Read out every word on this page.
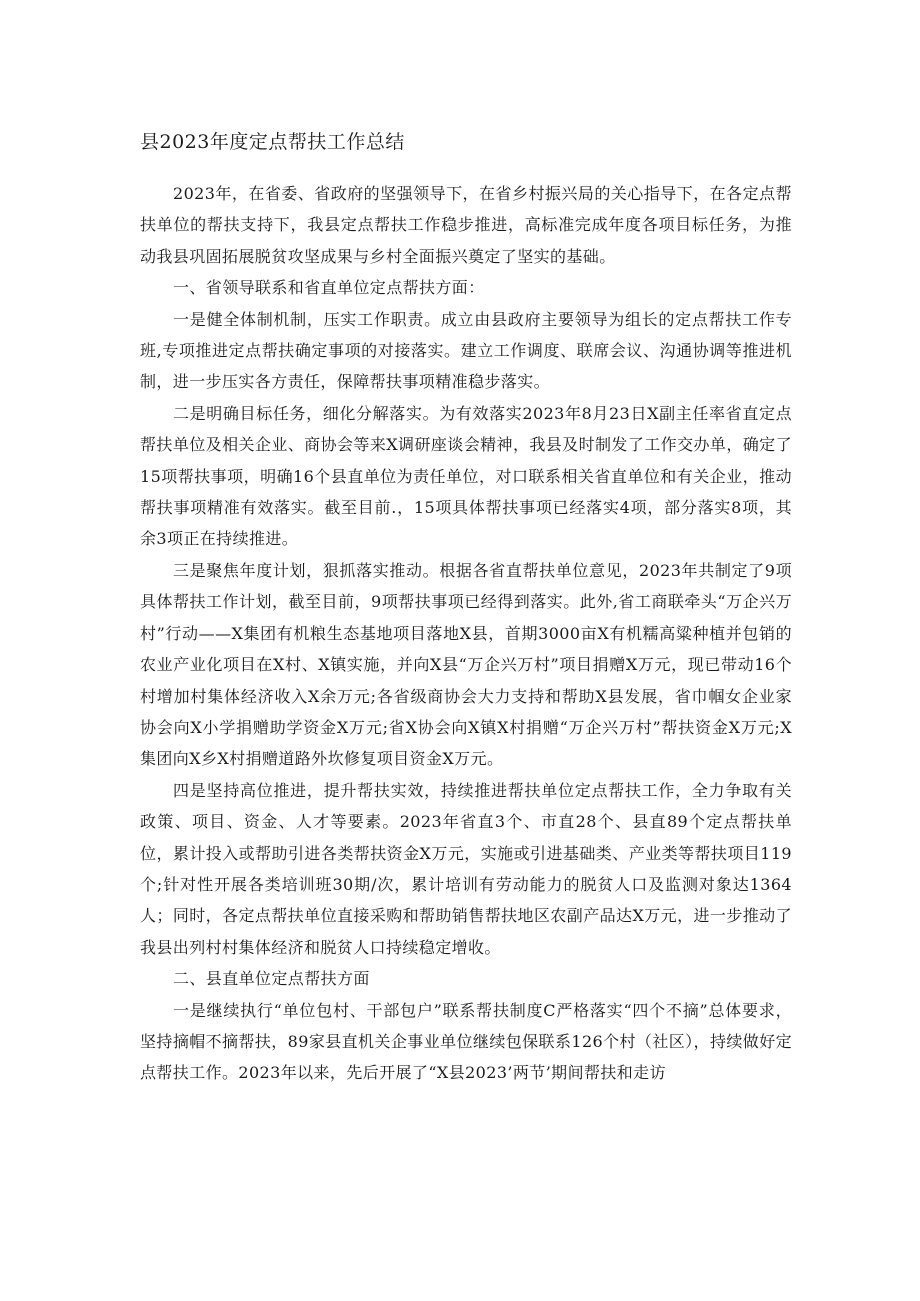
县2023年度定点帮扶工作总结

2023年，在省委、省政府的坚强领导下，在省乡村振兴局的关心指导下，在各定点帮扶单位的帮扶支持下，我县定点帮扶工作稳步推进，高标准完成年度各项目标任务，为推动我县巩固拓展脱贫攻坚成果与乡村全面振兴奠定了坚实的基础。

一、省领导联系和省直单位定点帮扶方面：

一是健全体制机制，压实工作职责。成立由县政府主要领导为组长的定点帮扶工作专班,专项推进定点帮扶确定事项的对接落实。建立工作调度、联席会议、沟通协调等推进机制，进一步压实各方责任，保障帮扶事项精准稳步落实。

二是明确目标任务，细化分解落实。为有效落实2023年8月23日X副主任率省直定点帮扶单位及相关企业、商协会等来X调研座谈会精神，我县及时制发了工作交办单，确定了15项帮扶事项，明确16个县直单位为责任单位，对口联系相关省直单位和有关企业，推动帮扶事项精准有效落实。截至目前.，15项具体帮扶事项已经落实4项，部分落实8项，其余3项正在持续推进。

三是聚焦年度计划，狠抓落实推动。根据各省直帮扶单位意见，2023年共制定了9项具体帮扶工作计划，截至目前，9项帮扶事项已经得到落实。此外,省工商联牵头“万企兴万村”行动——X集团有机粮生态基地项目落地X县，首期3000亩X有机糯高粱种植并包销的农业产业化项目在X村、X镇实施，并向X县“万企兴万村”项目捐赠X万元，现已带动16个村增加村集体经济收入X余万元;各省级商协会大力支持和帮助X县发展，省巾帼女企业家协会向X小学捐赠助学资金X万元;省X协会向X镇X村捐赠“万企兴万村”帮扶资金X万元;X集团向X乡X村捐赠道路外坎修复项目资金X万元。

四是坚持高位推进，提升帮扶实效，持续推进帮扶单位定点帮扶工作，全力争取有关政策、项目、资金、人才等要素。2023年省直3个、市直28个、县直89个定点帮扶单位，累计投入或帮助引进各类帮扶资金X万元，实施或引进基础类、产业类等帮扶项目119个;针对性开展各类培训班30期/次，累计培训有劳动能力的脱贫人口及监测对象达1364人；同时，各定点帮扶单位直接采购和帮助销售帮扶地区农副产品达X万元，进一步推动了我县出列村村集体经济和脱贫人口持续稳定增收。

二、县直单位定点帮扶方面

一是继续执行“单位包村、干部包户”联系帮扶制度C严格落实“四个不摘”总体要求，坚持摘帽不摘帮扶，89家县直机关企事业单位继续包保联系126个村（社区），持续做好定点帮扶工作。2023年以来，先后开展了“X县2023’两节’期间帮扶和走访
